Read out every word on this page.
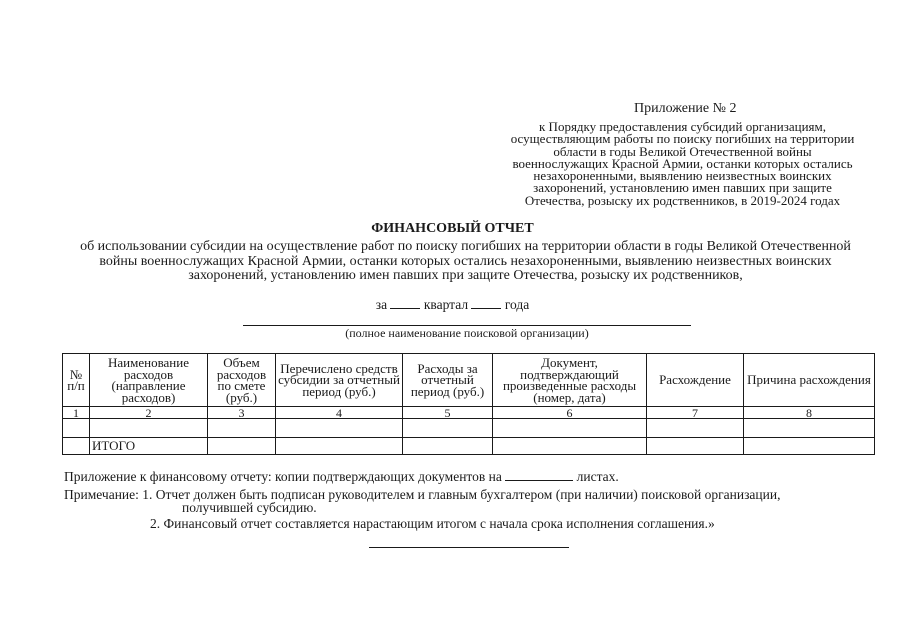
Приложение № 2
к Порядку предоставления субсидий организациям, осуществляющим работы по поиску погибших на территории области в годы Великой Отечественной войны военнослужащих Красной Армии, останки которых остались незахороненными, выявлению неизвестных воинских захоронений, установлению имен павших при защите Отечества, розыску их родственников, в 2019-2024 годах
ФИНАНСОВЫЙ ОТЧЕТ
об использовании субсидии на осуществление работ по поиску погибших на территории области в годы Великой Отечественной войны военнослужащих Красной Армии, останки которых остались незахороненными, выявлению неизвестных воинских захоронений, установлению имен павших при защите Отечества, розыску их родственников,
за	квартал	года
(полное наименование поисковой организации)
№ п/п	Наименование расходов (направление расходов)	Объем расходов по смете (руб.)	Перечислено средств субсидии за отчетный период (руб.)	Расходы за отчетный период (руб.)	Документ, подтверждающий произведенные расходы (номер, дата)	Расхождение	Причина расхождения
1	2	3	4	5	6	7	8

	ИТОГО						
Приложение к финансовому отчету: копии подтверждающих документов на	листах.
Примечание: 1. Отчет должен быть подписан руководителем и главным бухгалтером (при наличии) поисковой организации,
получившей субсидию.
2. Финансовый отчет составляется нарастающим итогом с начала срока исполнения соглашения.»
